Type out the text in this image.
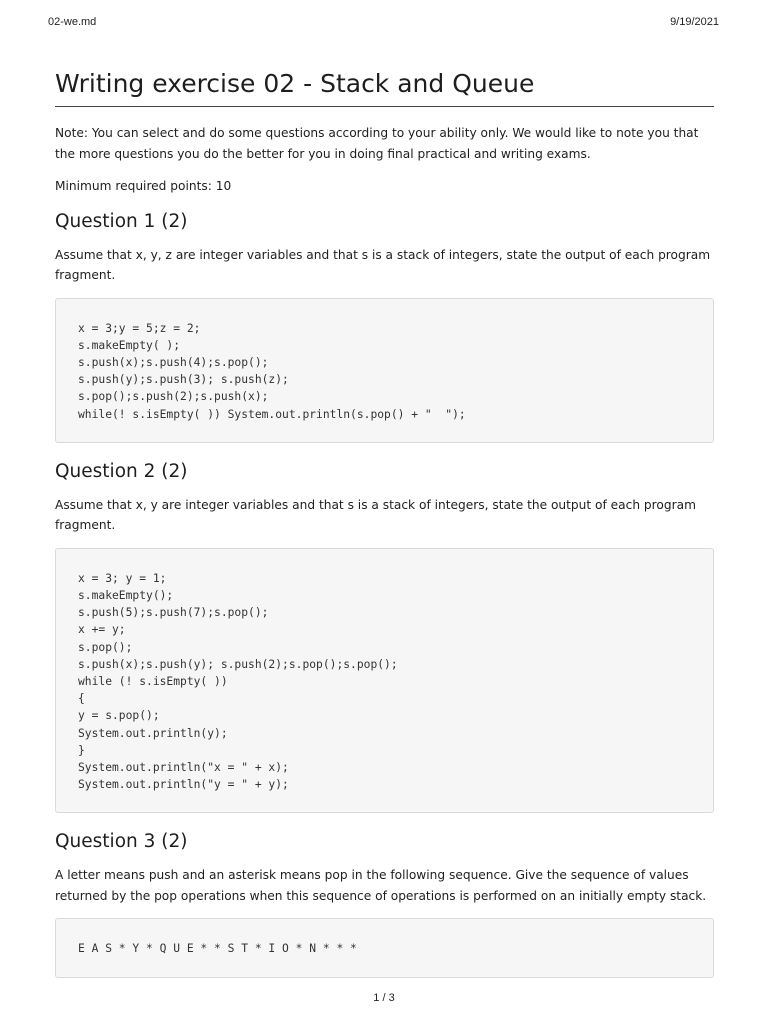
02-we.md	9/19/2021
Writing exercise 02 - Stack and Queue

Note: You can select and do some questions according to your ability only. We would like to note you that the more questions you do the better for you in doing final practical and writing exams.

Minimum required points: 10

Question 1 (2)

Assume that x, y, z are integer variables and that s is a stack of integers, state the output of each program fragment.

x = 3;y = 5;z = 2;
s.makeEmpty( );
s.push(x);s.push(4);s.pop();
s.push(y);s.push(3); s.push(z);
s.pop();s.push(2);s.push(x);
while(! s.isEmpty( )) System.out.println(s.pop() + "  ");
Question 2 (2)

Assume that x, y are integer variables and that s is a stack of integers, state the output of each program fragment.

x = 3; y = 1;
s.makeEmpty();
s.push(5);s.push(7);s.pop();
x += y;
s.pop();
s.push(x);s.push(y); s.push(2);s.pop();s.pop();
while (! s.isEmpty( ))
{
y = s.pop();
System.out.println(y);
}
System.out.println("x = " + x);
System.out.println("y = " + y);
Question 3 (2)

A letter means push and an asterisk means pop in the following sequence. Give the sequence of values returned by the pop operations when this sequence of operations is performed on an initially empty stack.

E A S * Y * Q U E * * S T * I O * N * * *
1 / 3
